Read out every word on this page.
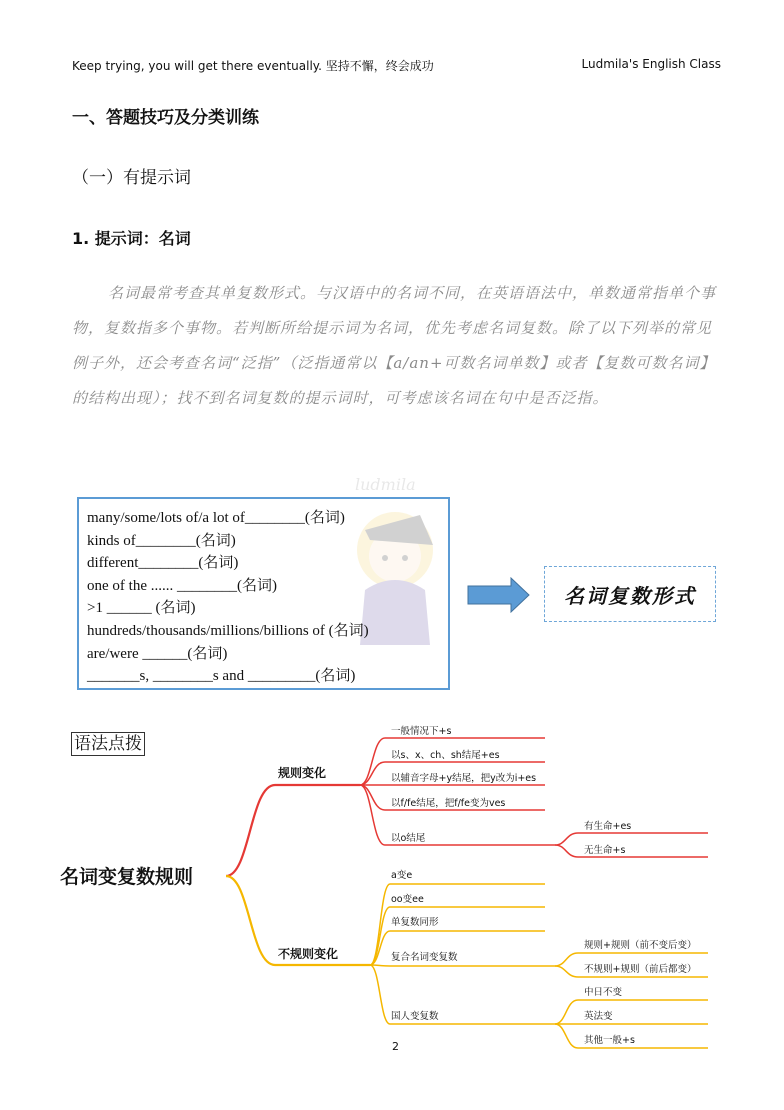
Keep trying, you will get there eventually. 坚持不懈，终会成功	Ludmila's English Class
一、答题技巧及分类训练
（一）有提示词
1. 提示词：名词
名词最常考查其单复数形式。与汉语中的名词不同，在英语语法中，单数通常指单个事物，复数指多个事物。若判断所给提示词为名词，优先考虑名词复数。除了以下列举的常见例子外，还会考查名词“泛指”（泛指通常以【a/an+可数名词单数】或者【复数可数名词】的结构出现）；找不到名词复数的提示词时，可考虑该名词在句中是否泛指。
ludmila
many/some/lots of/a lot of________(名词)
kinds of________(名词)
different________(名词)
one of the ...... ________(名词)
>1 ______ (名词)
hundreds/thousands/millions/billions of (名词)
are/were ______(名词)
_______s, ________s and _________(名词)
名词复数形式
语法点拨
名词变复数规则
规则变化
一般情况下+s
以s、x、ch、sh结尾+es
以辅音字母+y结尾，把y改为i+es
以f/fe结尾，把f/fe变为ves
以o结尾
有生命+es
无生命+s
不规则变化
a变e
oo变ee
单复数同形
复合名词变复数
国人变复数
规则+规则（前不变后变）
不规则+规则（前后都变）
中日不变
英法变
其他一般+s
2
